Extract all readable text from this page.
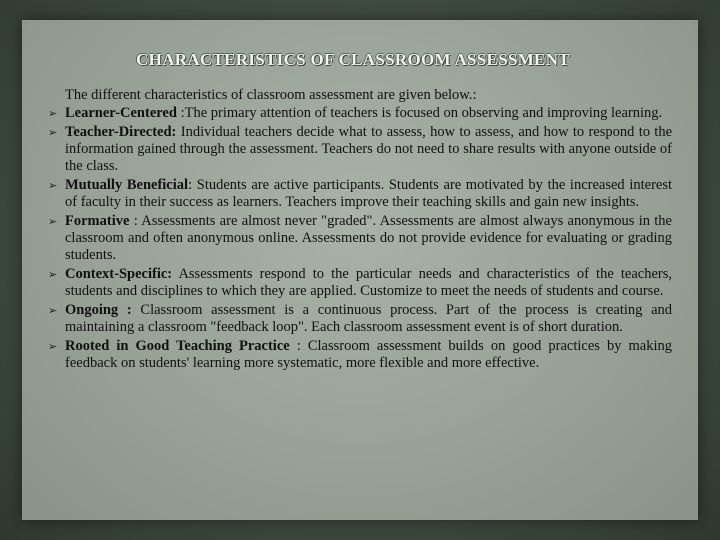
CHARACTERISTICS OF CLASSROOM ASSESSMENT

The different characteristics of classroom assessment are given below.:

➢ Learner-Centered :The primary attention of teachers is focused on observing and improving learning.
➢ Teacher-Directed: Individual teachers decide what to assess, how to assess, and how to respond to the information gained through the assessment. Teachers do not need to share results with anyone outside of the class.
➢ Mutually Beneficial: Students are active participants. Students are motivated by the increased interest of faculty in their success as learners. Teachers improve their teaching skills and gain new insights.
➢ Formative : Assessments are almost never "graded". Assessments are almost always anonymous in the classroom and often anonymous online. Assessments do not provide evidence for evaluating or grading students.
➢ Context-Specific: Assessments respond to the particular needs and characteristics of the teachers, students and disciplines to which they are applied. Customize to meet the needs of students and course.
➢ Ongoing : Classroom assessment is a continuous process. Part of the process is creating and maintaining a classroom "feedback loop". Each classroom assessment event is of short duration.
➢ Rooted in Good Teaching Practice : Classroom assessment builds on good practices by making feedback on students' learning more systematic, more flexible and more effective.
